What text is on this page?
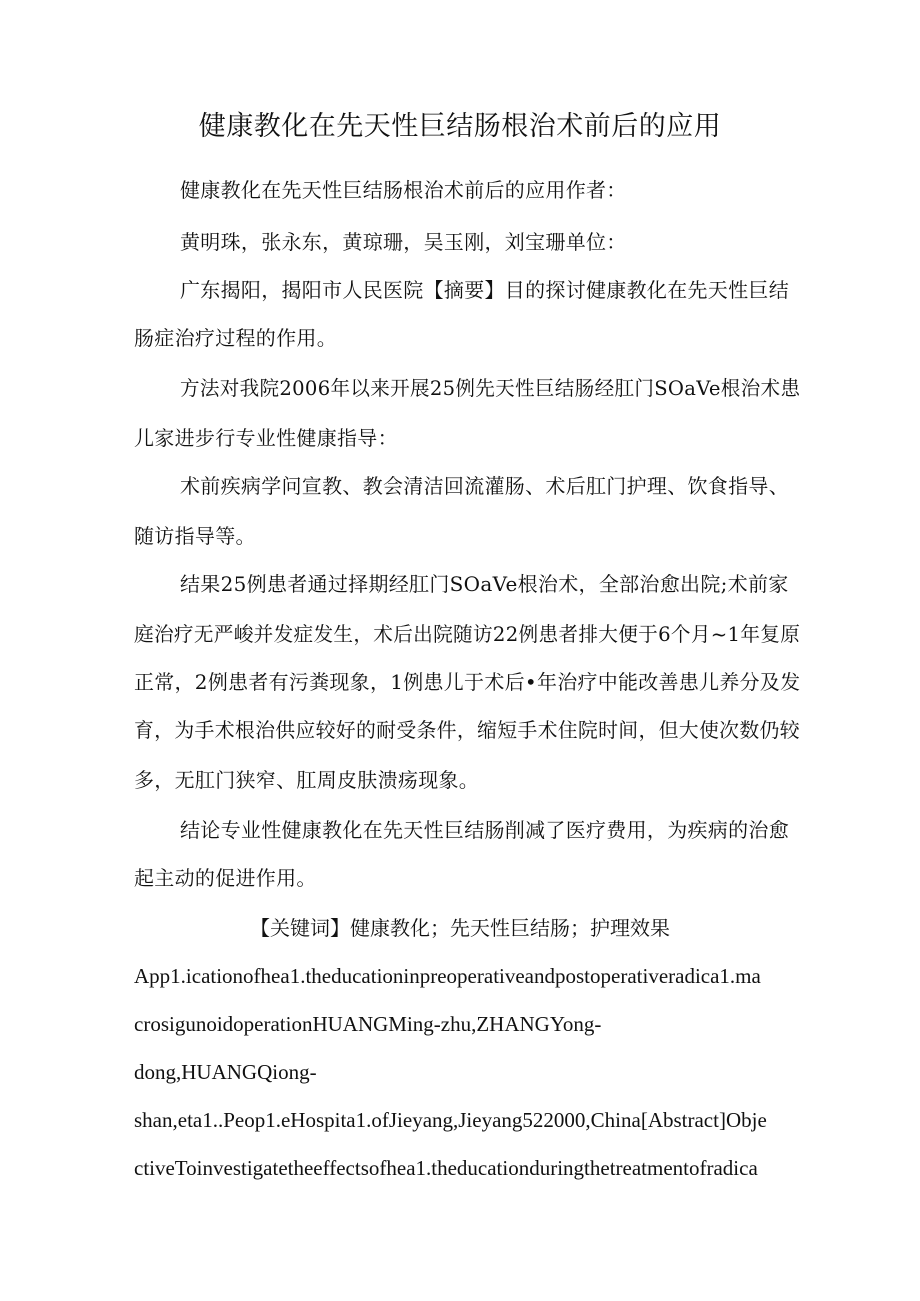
健康教化在先天性巨结肠根治术前后的应用
健康教化在先天性巨结肠根治术前后的应用作者：
黄明珠，张永东，黄琼珊，吴玉刚，刘宝珊单位：
广东揭阳，揭阳市人民医院【摘要】目的探讨健康教化在先天性巨结
肠症治疗过程的作用。
方法对我院2006年以来开展25例先天性巨结肠经肛门SOaVe根治术患
儿家进步行专业性健康指导：
术前疾病学问宣教、教会清洁回流灌肠、术后肛门护理、饮食指导、
随访指导等。
结果25例患者通过择期经肛门SOaVe根治术，全部治愈出院;术前家
庭治疗无严峻并发症发生，术后出院随访22例患者排大便于6个月~1年复原
正常，2例患者有污粪现象，1例患儿于术后•年治疗中能改善患儿养分及发
育，为手术根治供应较好的耐受条件，缩短手术住院时间，但大使次数仍较
多，无肛门狭窄、肛周皮肤溃疡现象。
结论专业性健康教化在先天性巨结肠削减了医疗费用，为疾病的治愈
起主动的促进作用。
【关键词】健康教化；先天性巨结肠；护理效果
App1.icationofhea1.theducationinpreoperativeandpostoperativeradica1.ma
crosigunoidoperationHUANGMing-zhu,ZHANGYong-
dong,HUANGQiong-
shan,eta1..Peop1.eHospita1.ofJieyang,Jieyang522000,China[Abstract]Obje
ctiveToinvestigatetheeffectsofhea1.theducationduringthetreatmentofradica
